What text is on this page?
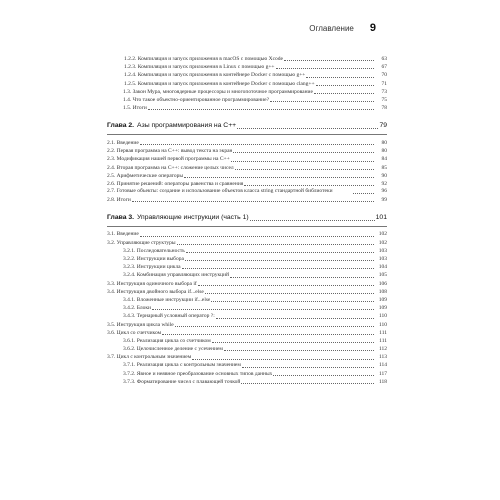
Оглавление 9
1.2.2. Компиляция и запуск приложения в macOS с помощью Xcode	63
1.2.3. Компиляция и запуск приложения в Linux с помощью g++	67
1.2.4. Компиляция и запуск приложения в контейнере Docker с помощью g++	70
1.2.5. Компиляция и запуск приложения в контейнере Docker с помощью clang++	71
1.3. Закон Мура, многоядерные процессоры и многопоточное программирование	73
1.4. Что такое объектно-ориентированное программирование?	75
1.5. Итоги	78
Глава 2. Азы программирования на C++	79
2.1. Введение	80
2.2. Первая программа на C++: вывод текста на экран	80
2.3. Модификация нашей первой программы на C++	84
2.4. Вторая программа на C++: сложение целых чисел	85
2.5. Арифметические операторы	90
2.6. Принятие решений: операторы равенства и сравнения	92
2.7. Готовые объекты: создание и использование объектов класса string стандартной библиотеки	96
2.8. Итоги	99
Глава 3. Управляющие инструкции (часть 1)	101
3.1. Введение	102
3.2. Управляющие структуры	102
3.2.1. Последовательность	103
3.2.2. Инструкции выбора	103
3.2.3. Инструкции цикла	104
3.2.4. Комбинация управляющих инструкций	105
3.3. Инструкция одиночного выбора if	106
3.4. Инструкция двойного выбора if...else	108
3.4.1. Вложенные инструкции if...else	109
3.4.2. Блоки	109
3.4.3. Тернарный условный оператор ?:	110
3.5. Инструкция цикла while	110
3.6. Цикл со счетчиком	111
3.6.1. Реализация цикла со счетчиком	111
3.6.2. Целочисленное деление с усечением	112
3.7. Цикл с контрольным значением	113
3.7.1. Реализация цикла с контрольным значением	114
3.7.2. Явное и неявное преобразование основных типов данных	117
3.7.3. Форматирование чисел с плавающей точкой	118
